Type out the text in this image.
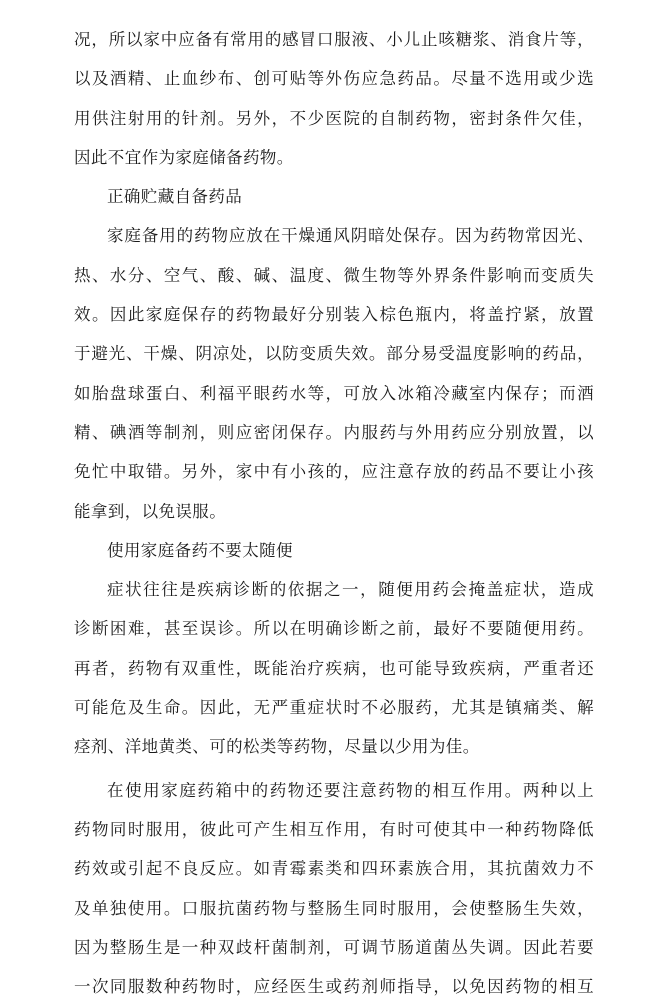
况，所以家中应备有常用的感冒口服液、小儿止咳糖浆、消食片等，
以及酒精、止血纱布、创可贴等外伤应急药品。尽量不选用或少选
用供注射用的针剂。另外，不少医院的自制药物，密封条件欠佳，
因此不宜作为家庭储备药物。
正确贮藏自备药品
家庭备用的药物应放在干燥通风阴暗处保存。因为药物常因光、
热、水分、空气、酸、碱、温度、微生物等外界条件影响而变质失
效。因此家庭保存的药物最好分别装入棕色瓶内，将盖拧紧，放置
于避光、干燥、阴凉处，以防变质失效。部分易受温度影响的药品，
如胎盘球蛋白、利福平眼药水等，可放入冰箱冷藏室内保存；而酒
精、碘酒等制剂，则应密闭保存。内服药与外用药应分别放置，以
免忙中取错。另外，家中有小孩的，应注意存放的药品不要让小孩
能拿到，以免误服。
使用家庭备药不要太随便
症状往往是疾病诊断的依据之一，随便用药会掩盖症状，造成
诊断困难，甚至误诊。所以在明确诊断之前，最好不要随便用药。
再者，药物有双重性，既能治疗疾病，也可能导致疾病，严重者还
可能危及生命。因此，无严重症状时不必服药，尤其是镇痛类、解
痉剂、洋地黄类、可的松类等药物，尽量以少用为佳。
在使用家庭药箱中的药物还要注意药物的相互作用。两种以上
药物同时服用，彼此可产生相互作用，有时可使其中一种药物降低
药效或引起不良反应。如青霉素类和四环素族合用，其抗菌效力不
及单独使用。口服抗菌药物与整肠生同时服用，会使整肠生失效，
因为整肠生是一种双歧杆菌制剂，可调节肠道菌丛失调。因此若要
一次同服数种药物时，应经医生或药剂师指导，以免因药物的相互
